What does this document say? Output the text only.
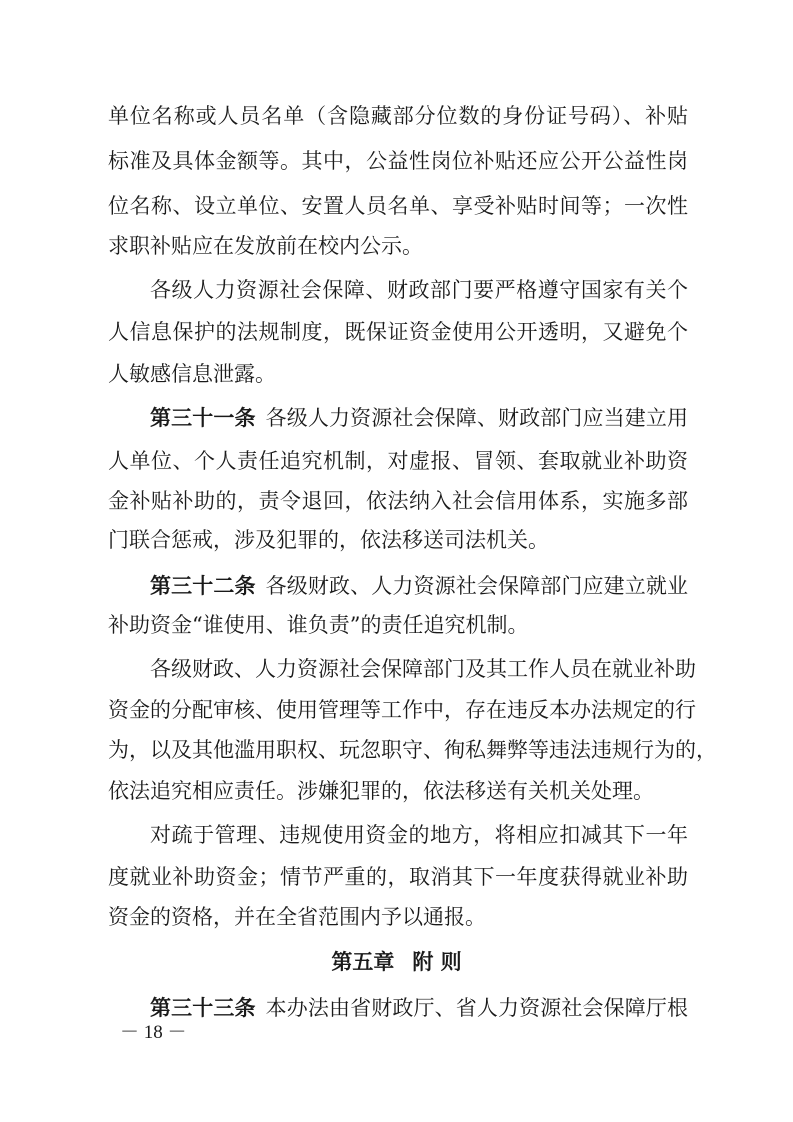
单位名称或人员名单（含隐藏部分位数的身份证号码）、补贴
标准及具体金额等。其中，公益性岗位补贴还应公开公益性岗
位名称、设立单位、安置人员名单、享受补贴时间等；一次性
求职补贴应在发放前在校内公示。
各级人力资源社会保障、财政部门要严格遵守国家有关个
人信息保护的法规制度，既保证资金使用公开透明，又避免个
人敏感信息泄露。
第三十一条 各级人力资源社会保障、财政部门应当建立用
人单位、个人责任追究机制，对虚报、冒领、套取就业补助资
金补贴补助的，责令退回，依法纳入社会信用体系，实施多部
门联合惩戒，涉及犯罪的，依法移送司法机关。
第三十二条 各级财政、人力资源社会保障部门应建立就业
补助资金“谁使用、谁负责”的责任追究机制。
各级财政、人力资源社会保障部门及其工作人员在就业补助
资金的分配审核、使用管理等工作中，存在违反本办法规定的行
为，以及其他滥用职权、玩忽职守、徇私舞弊等违法违规行为的，
依法追究相应责任。涉嫌犯罪的，依法移送有关机关处理。
对疏于管理、违规使用资金的地方，将相应扣减其下一年
度就业补助资金；情节严重的，取消其下一年度获得就业补助
资金的资格，并在全省范围内予以通报。
第五章 附 则
第三十三条 本办法由省财政厅、省人力资源社会保障厅根
－ 18 －
